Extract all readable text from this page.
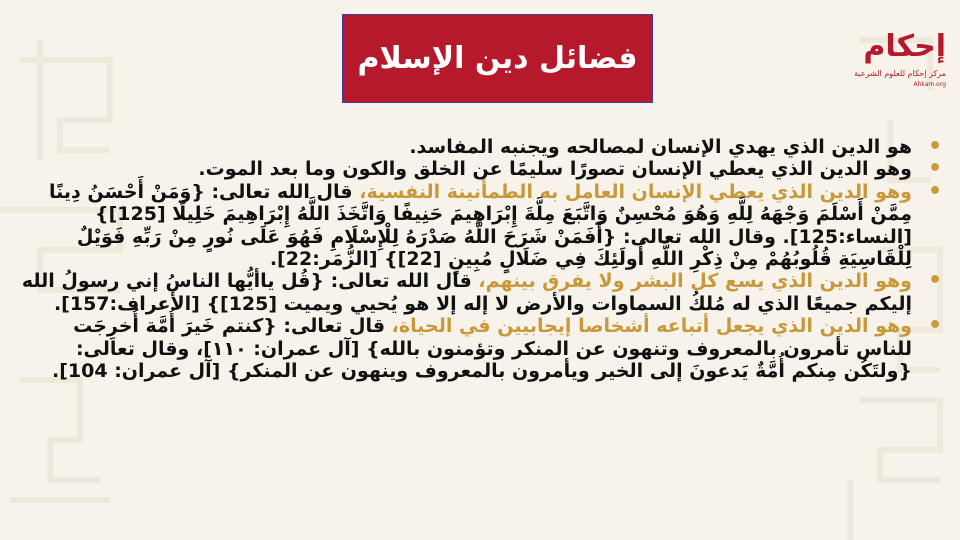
فضائل دين الإسلام	إحكام
مركز إحكام للعلوم الشرعية
Ahkam.org

•
هو الدين الذي يهدي الإنسان لمصالحه ويجنبه المفاسد.

•
وهو الدين الذي يعطي الإنسان تصورًا سليمًا عن الخلق والكون وما بعد الموت.

•
وهو الدين الذي يعطي الإنسان العامل به الطمأنينة النفسية، قال الله تعالى: {وَمَنْ أَحْسَنُ دِينًا مِمَّنْ أَسْلَمَ وَجْهَهُ لِلَّهِ وَهُوَ مُحْسِنٌ وَاتَّبَعَ مِلَّةَ إِبْرَاهِيمَ حَنِيفًا وَاتَّخَذَ اللَّهُ إِبْرَاهِيمَ خَلِيلًا [125]} [النساء:125]. وقال الله تعالى: {أَفَمَنْ شَرَحَ اللَّهُ صَدْرَهُ لِلْإِسْلَامِ فَهُوَ عَلَى نُورٍ مِنْ رَبِّهِ فَوَيْلٌ لِلْقَاسِيَةِ قُلُوبُهُمْ مِنْ ذِكْرِ اللَّهِ أُولَئِكَ فِي ضَلَالٍ مُبِينٍ [22]} [الزُّمَر:22].

•
وهو الدين الذي يسع كل البشر ولا يفرق بينهم، قال الله تعالى: {قُل ياأيُّها الناسُ إني رسولُ الله إليكم جميعًا الذي له مُلكُ السماوات والأرض لا إله إلا هو يُحيي ويميت [125]} [الأعراف:157].

•
وهو الدين الذي يجعل أتباعه أشخاصا إيجابيين في الحياة، قال تعالى: {كنتم خَيرَ أُمَّة أُخرِجَت للناس تأمرون بالمعروف وتنهون عن المنكر وتؤمنون بالله} [آل عمران: ١١٠]، وقال تعالى: {ولتَكُن مِنكم أُمَّةٌ يَدعونَ إلى الخير ويأمرون بالمعروف وينهون عن المنكر} [آل عمران: 104].
